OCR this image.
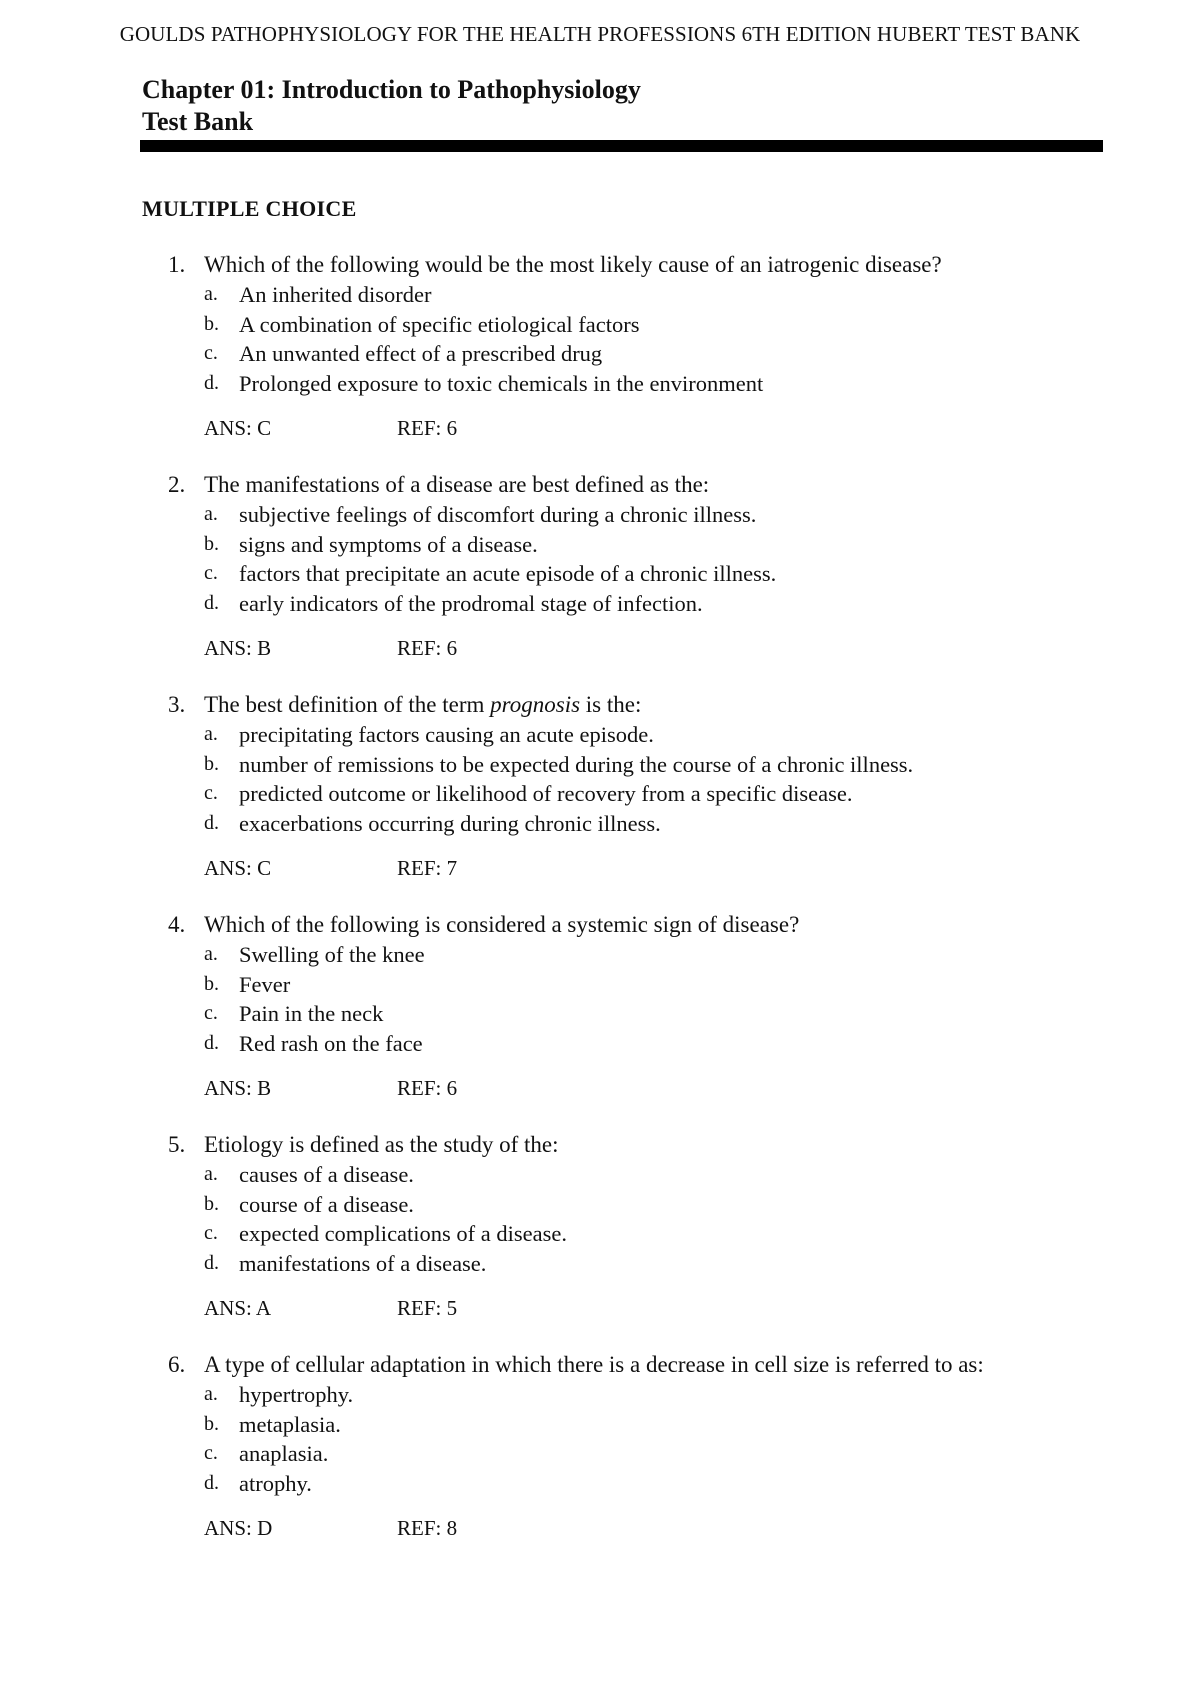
GOULDS PATHOPHYSIOLOGY FOR THE HEALTH PROFESSIONS 6TH EDITION HUBERT TEST BANK
Chapter 01: Introduction to Pathophysiology
Test Bank
MULTIPLE CHOICE
1. Which of the following would be the most likely cause of an iatrogenic disease?
a. An inherited disorder
b. A combination of specific etiological factors
c. An unwanted effect of a prescribed drug
d. Prolonged exposure to toxic chemicals in the environment
ANS: C	REF: 6
2. The manifestations of a disease are best defined as the:
a. subjective feelings of discomfort during a chronic illness.
b. signs and symptoms of a disease.
c. factors that precipitate an acute episode of a chronic illness.
d. early indicators of the prodromal stage of infection.
ANS: B	REF: 6
3. The best definition of the term prognosis is the:
a. precipitating factors causing an acute episode.
b. number of remissions to be expected during the course of a chronic illness.
c. predicted outcome or likelihood of recovery from a specific disease.
d. exacerbations occurring during chronic illness.
ANS: C	REF: 7
4. Which of the following is considered a systemic sign of disease?
a. Swelling of the knee
b. Fever
c. Pain in the neck
d. Red rash on the face
ANS: B	REF: 6
5. Etiology is defined as the study of the:
a. causes of a disease.
b. course of a disease.
c. expected complications of a disease.
d. manifestations of a disease.
ANS: A	REF: 5
6. A type of cellular adaptation in which there is a decrease in cell size is referred to as:
a. hypertrophy.
b. metaplasia.
c. anaplasia.
d. atrophy.
ANS: D	REF: 8
